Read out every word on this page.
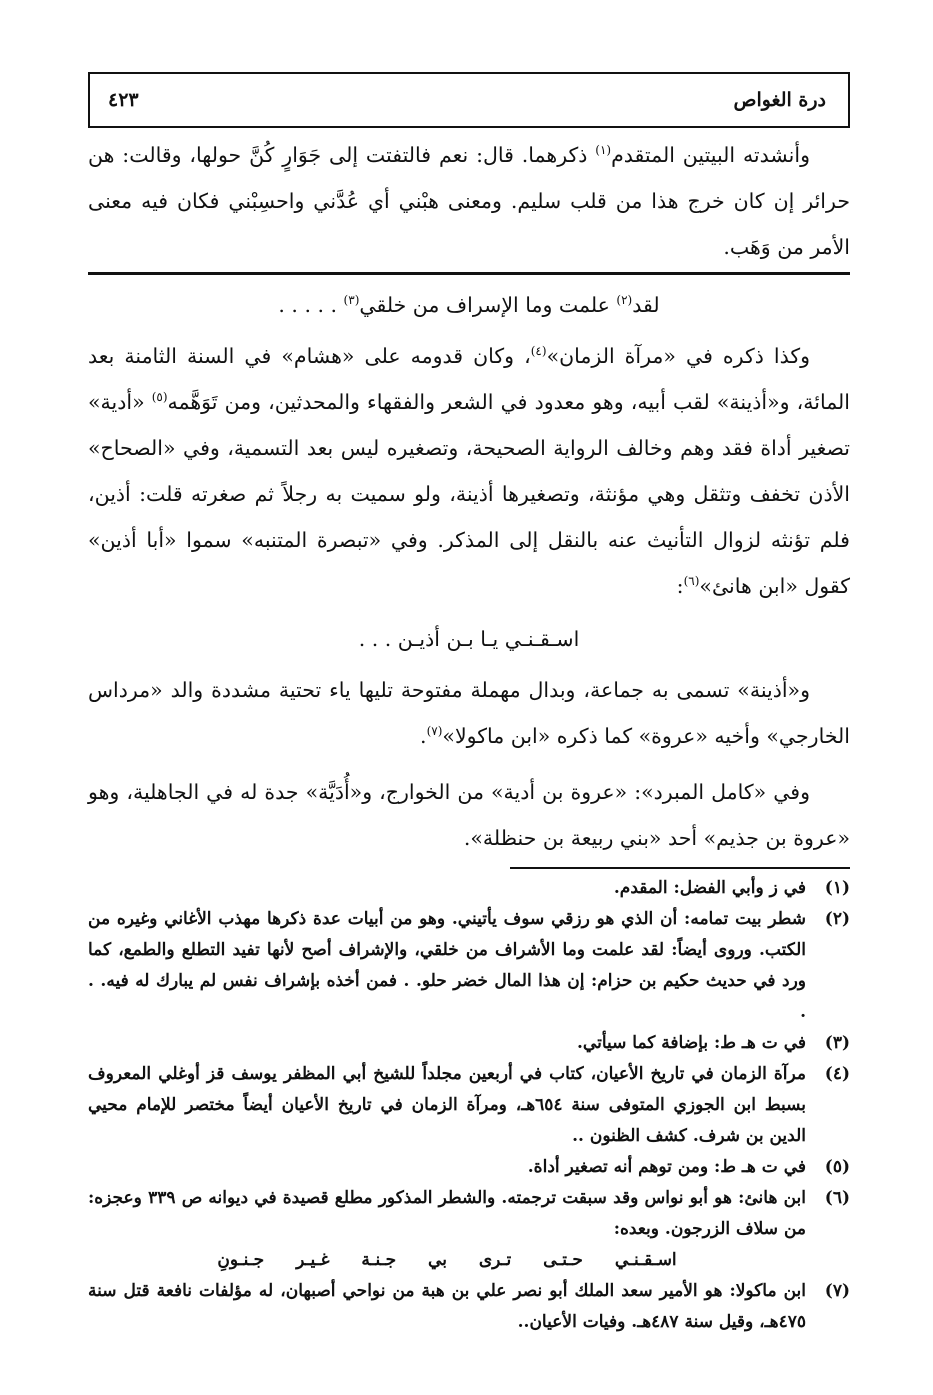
درة الغواص
٤٢٣

وأنشدته البيتين المتقدم$^{(١)}$ ذكرهما. قال: نعم فالتفتت إلى جَوَارٍ كُنَّ حولها، وقالت: هن حرائر إن كان خرج هذا من قلب سليم. ومعنى هبْني أي عُدَّني واحسِبْني فكان فيه معنى الأمر من وَهَب.

لقد$^{(٢)}$ علمت وما الإسراف من خلقي$^{(٣)}$ . . . . .

وكذا ذكره في «مرآة الزمان»$^{(٤)}$، وكان قدومه على «هشام» في السنة الثامنة بعد المائة، و«أذينة» لقب أبيه، وهو معدود في الشعر والفقهاء والمحدثين، ومن تَوَهَّمه$^{(٥)}$ «أدية» تصغير أداة فقد وهم وخالف الرواية الصحيحة، وتصغيره ليس بعد التسمية، وفي «الصحاح» الأذن تخفف وتثقل وهي مؤنثة، وتصغيرها أذينة، ولو سميت به رجلاً ثم صغرته قلت: أذين، فلم تؤنثه لزوال التأنيث عنه بالنقل إلى المذكر. وفي «تبصرة المتنبه» سموا «أبا أذين» كقول «ابن هانئ»$^{(٦)}$:

اسـقـنـي يـا بـن أذيـن . . .

و«أذينة» تسمى به جماعة، وبدال مهملة مفتوحة تليها ياء تحتية مشددة والد «مرداس الخارجي» وأخيه «عروة» كما ذكره «ابن ماكولا»$^{(٧)}$.

وفي «كامل المبرد»: «عروة بن أدية» من الخوارج، و«أُدَيَّة» جدة له في الجاهلية، وهو «عروة بن جذيم» أحد «بني ربيعة بن حنظلة».

(١)
في ز وأبي الفضل: المقدم.
(٢)
شطر بيت تمامه: أن الذي هو رزقي سوف يأتيني. وهو من أبيات عدة ذكرها مهذب الأغاني وغيره من الكتب. وروى أيضاً: لقد علمت وما الأشراف من خلقي، والإشراف أصح لأنها تفيد التطلع والطمع، كما ورد في حديث حكيم بن حزام: إن هذا المال خضر حلو. . فمن أخذه بإشراف نفس لم يبارك له فيه. . .
(٣)
في ت هـ ط: بإضافة كما سيأتي.
(٤)
مرآة الزمان في تاريخ الأعيان، كتاب في أربعين مجلداً للشيخ أبي المظفر يوسف قز أوغلي المعروف بسبط ابن الجوزي المتوفى سنة ٦٥٤هـ، ومرآة الزمان في تاريخ الأعيان أيضاً مختصر للإمام محيي الدين بن شرف. كشف الظنون ..
(٥)
في ت هـ ط: ومن توهم أنه تصغير أداة.
(٦)
ابن هانئ: هو أبو نواس وقد سبقت ترجمته. والشطر المذكور مطلع قصيدة في ديوانه ص ٣٣٩ وعجزه: من سلاف الزرجون. وبعده:
اسـقـنـي حـتـى تـرى بي جـنـة غـيـر جـنـونِ
(٧)
ابن ماكولا: هو الأمير سعد الملك أبو نصر علي بن هبة من نواحي أصبهان، له مؤلفات نافعة قتل سنة ٤٧٥هـ، وقيل سنة ٤٨٧هـ. وفيات الأعيان..
